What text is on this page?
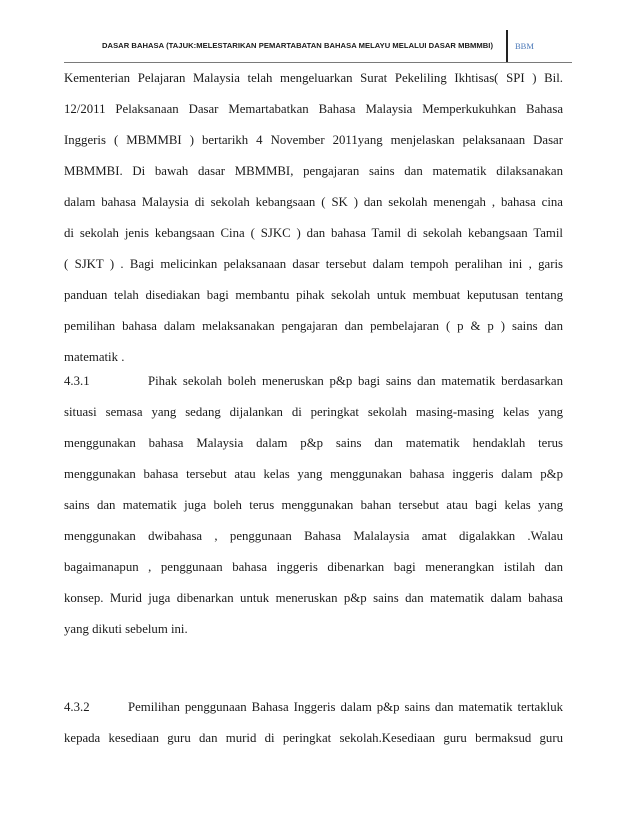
DASAR BAHASA (TAJUK:MELESTARIKAN PEMARTABATAN BAHASA MELAYU MELALUI DASAR MBMMBI)	BBM
Kementerian Pelajaran Malaysia telah mengeluarkan Surat Pekeliling Ikhtisas( SPI ) Bil.
12/2011 Pelaksanaan Dasar Memartabatkan Bahasa Malaysia Memperkukuhkan Bahasa
Inggeris ( MBMMBI ) bertarikh 4 November 2011yang menjelaskan pelaksanaan Dasar
MBMMBI. Di bawah dasar MBMMBI, pengajaran sains dan matematik dilaksanakan
dalam bahasa Malaysia di sekolah kebangsaan ( SK ) dan sekolah menengah , bahasa cina
di sekolah jenis kebangsaan Cina ( SJKC ) dan bahasa Tamil di sekolah kebangsaan Tamil
( SJKT ) . Bagi melicinkan pelaksanaan dasar tersebut dalam tempoh peralihan ini , garis
panduan telah disediakan bagi membantu pihak sekolah untuk membuat keputusan tentang
pemilihan bahasa dalam melaksanakan pengajaran dan pembelajaran ( p & p ) sains dan
matematik .
4.3.1	Pihak sekolah boleh meneruskan p&p bagi sains dan matematik berdasarkan
situasi semasa yang sedang dijalankan di peringkat sekolah masing-masing kelas yang
menggunakan bahasa Malaysia dalam p&p sains dan matematik hendaklah terus
menggunakan bahasa tersebut atau kelas yang menggunakan bahasa inggeris dalam p&p
sains dan matematik juga boleh terus menggunakan bahan tersebut atau bagi kelas yang
menggunakan dwibahasa , penggunaan Bahasa Malalaysia amat digalakkan .Walau
bagaimanapun , penggunaan bahasa inggeris dibenarkan bagi menerangkan istilah dan
konsep. Murid juga dibenarkan untuk meneruskan p&p sains dan matematik dalam bahasa
yang dikuti sebelum ini.
4.3.2	Pemilihan penggunaan Bahasa Inggeris dalam p&p sains dan matematik tertakluk
kepada kesediaan guru dan murid di peringkat sekolah.Kesediaan guru bermaksud guru
